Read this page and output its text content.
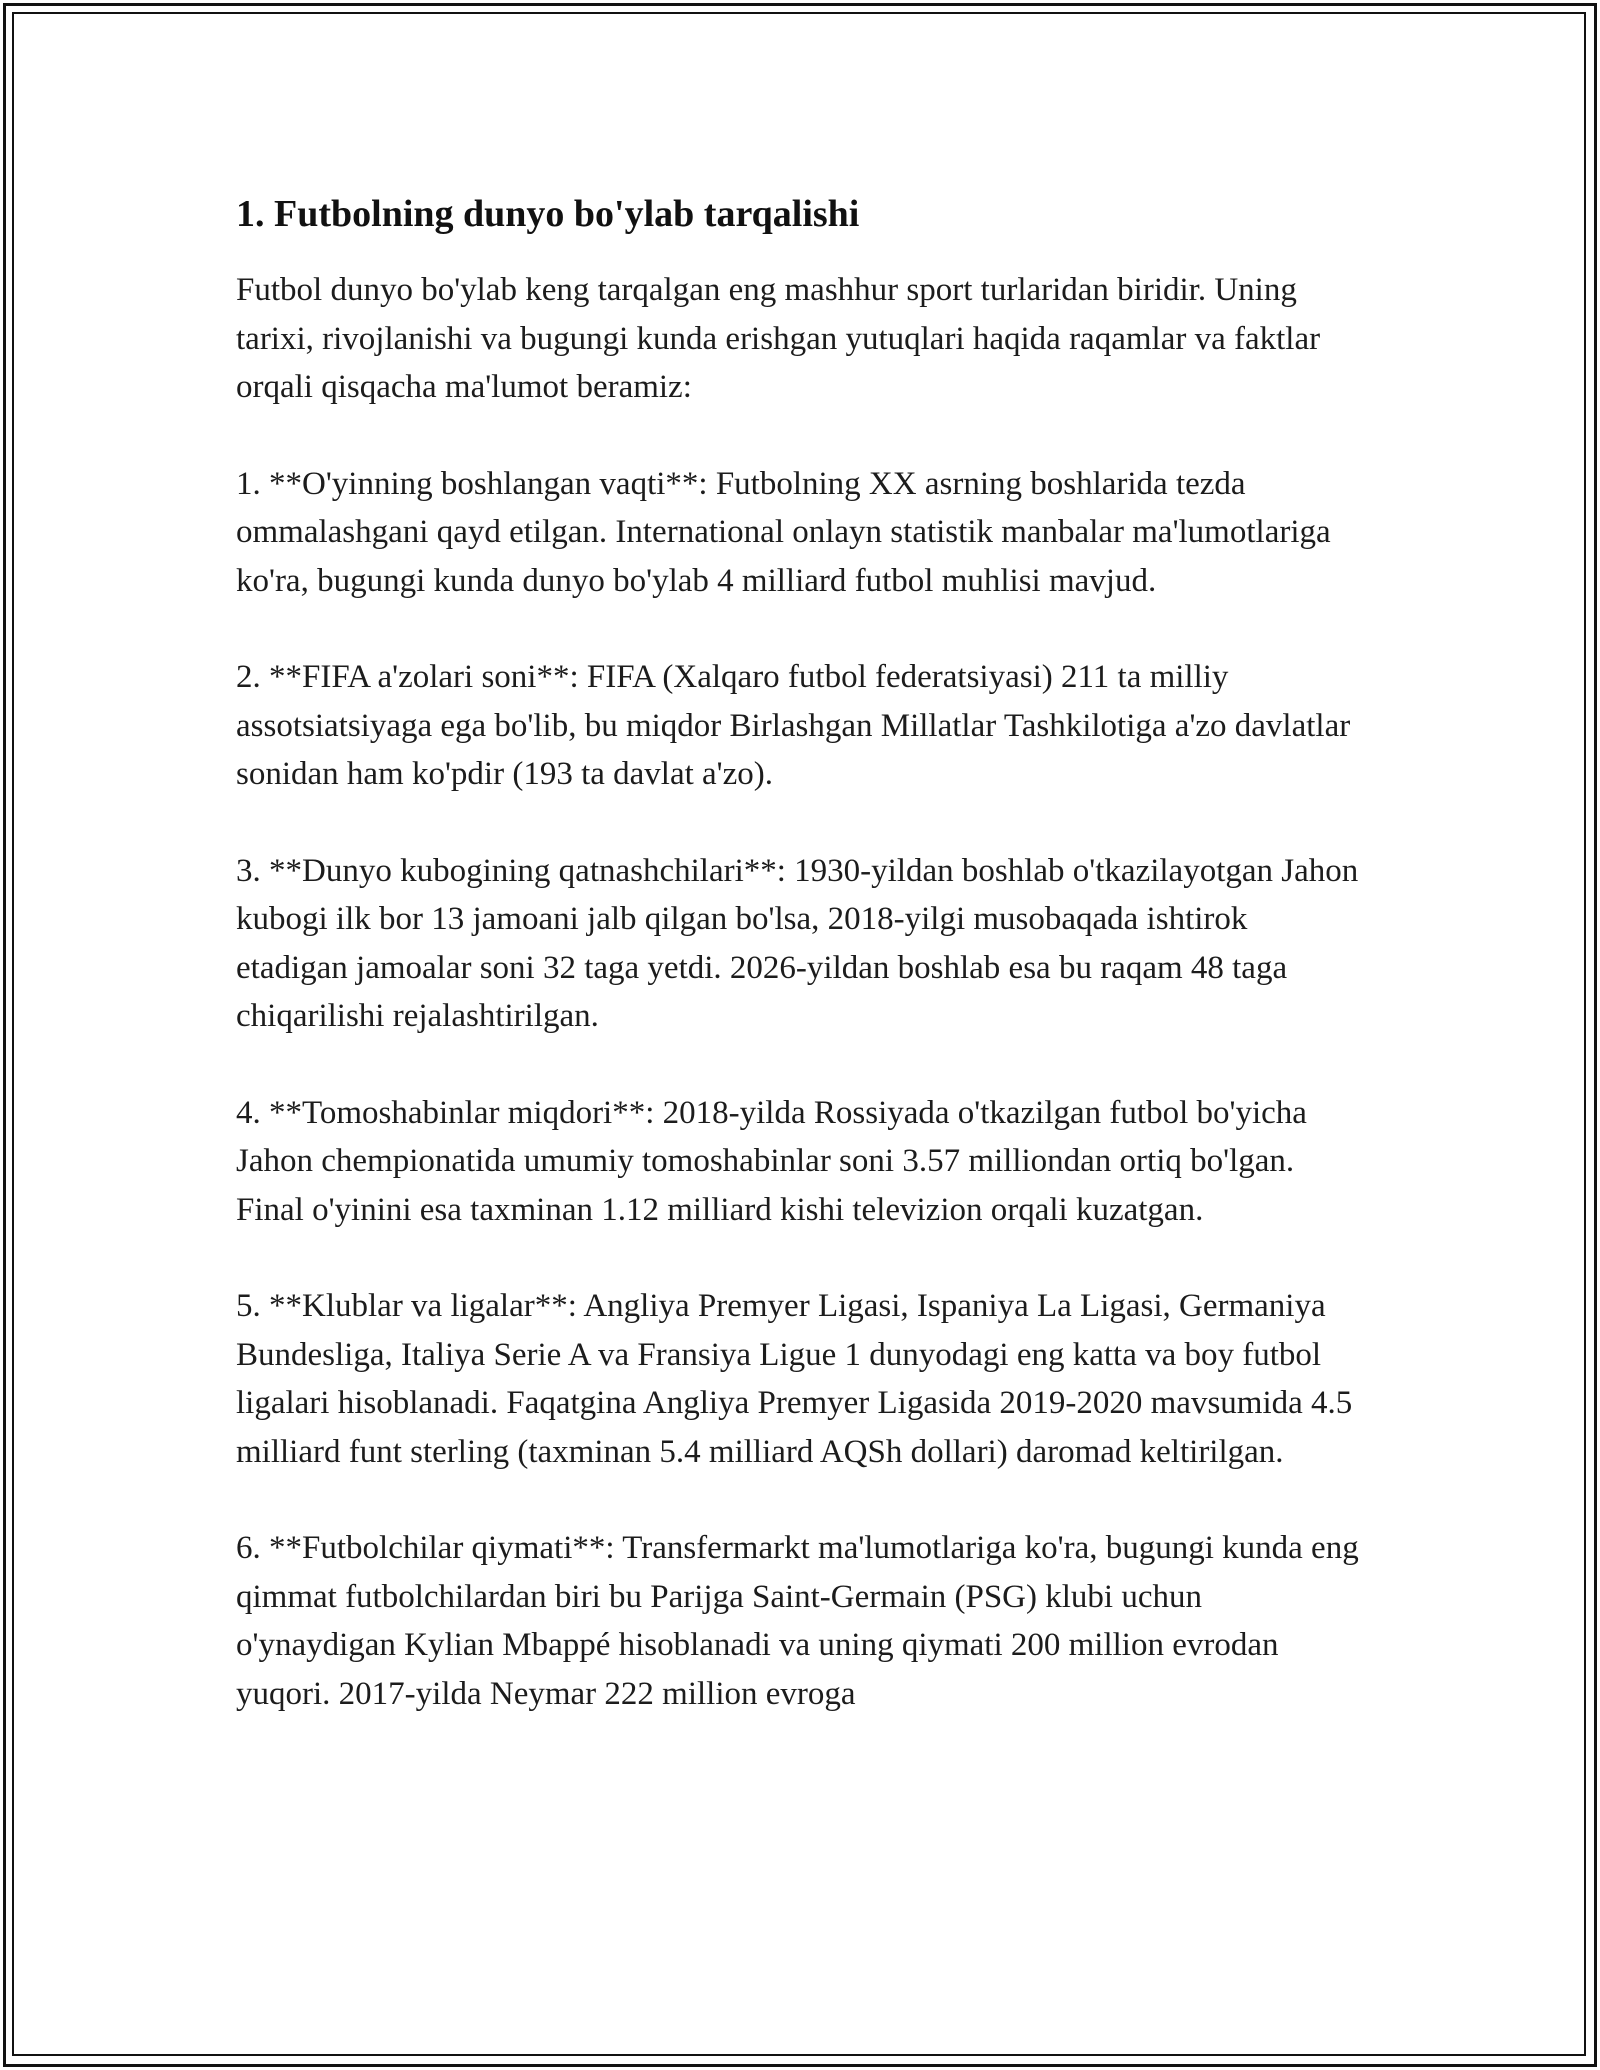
1. Futbolning dunyo bo'ylab tarqalishi

Futbol dunyo bo'ylab keng tarqalgan eng mashhur sport turlaridan biridir. Uning tarixi, rivojlanishi va bugungi kunda erishgan yutuqlari haqida raqamlar va faktlar orqali qisqacha ma'lumot beramiz:

1. **O'yinning boshlangan vaqti**: Futbolning XX asrning boshlarida tezda ommalashgani qayd etilgan. International onlayn statistik manbalar ma'lumotlariga ko'ra, bugungi kunda dunyo bo'ylab 4 milliard futbol muhlisi mavjud.

2. **FIFA a'zolari soni**: FIFA (Xalqaro futbol federatsiyasi) 211 ta milliy assotsiatsiyaga ega bo'lib, bu miqdor Birlashgan Millatlar Tashkilotiga a'zo davlatlar sonidan ham ko'pdir (193 ta davlat a'zo).

3. **Dunyo kubogining qatnashchilari**: 1930-yildan boshlab o'tkazilayotgan Jahon kubogi ilk bor 13 jamoani jalb qilgan bo'lsa, 2018-yilgi musobaqada ishtirok etadigan jamoalar soni 32 taga yetdi. 2026-yildan boshlab esa bu raqam 48 taga chiqarilishi rejalashtirilgan.

4. **Tomoshabinlar miqdori**: 2018-yilda Rossiyada o'tkazilgan futbol bo'yicha Jahon chempionatida umumiy tomoshabinlar soni 3.57 milliondan ortiq bo'lgan. Final o'yinini esa taxminan 1.12 milliard kishi televizion orqali kuzatgan.

5. **Klublar va ligalar**: Angliya Premyer Ligasi, Ispaniya La Ligasi, Germaniya Bundesliga, Italiya Serie A va Fransiya Ligue 1 dunyodagi eng katta va boy futbol ligalari hisoblanadi. Faqatgina Angliya Premyer Ligasida 2019-2020 mavsumida 4.5 milliard funt sterling (taxminan 5.4 milliard AQSh dollari) daromad keltirilgan.

6. **Futbolchilar qiymati**: Transfermarkt ma'lumotlariga ko'ra, bugungi kunda eng qimmat futbolchilardan biri bu Parijga Saint-Germain (PSG) klubi uchun o'ynaydigan Kylian Mbappé hisoblanadi va uning qiymati 200 million evrodan yuqori. 2017-yilda Neymar 222 million evroga
